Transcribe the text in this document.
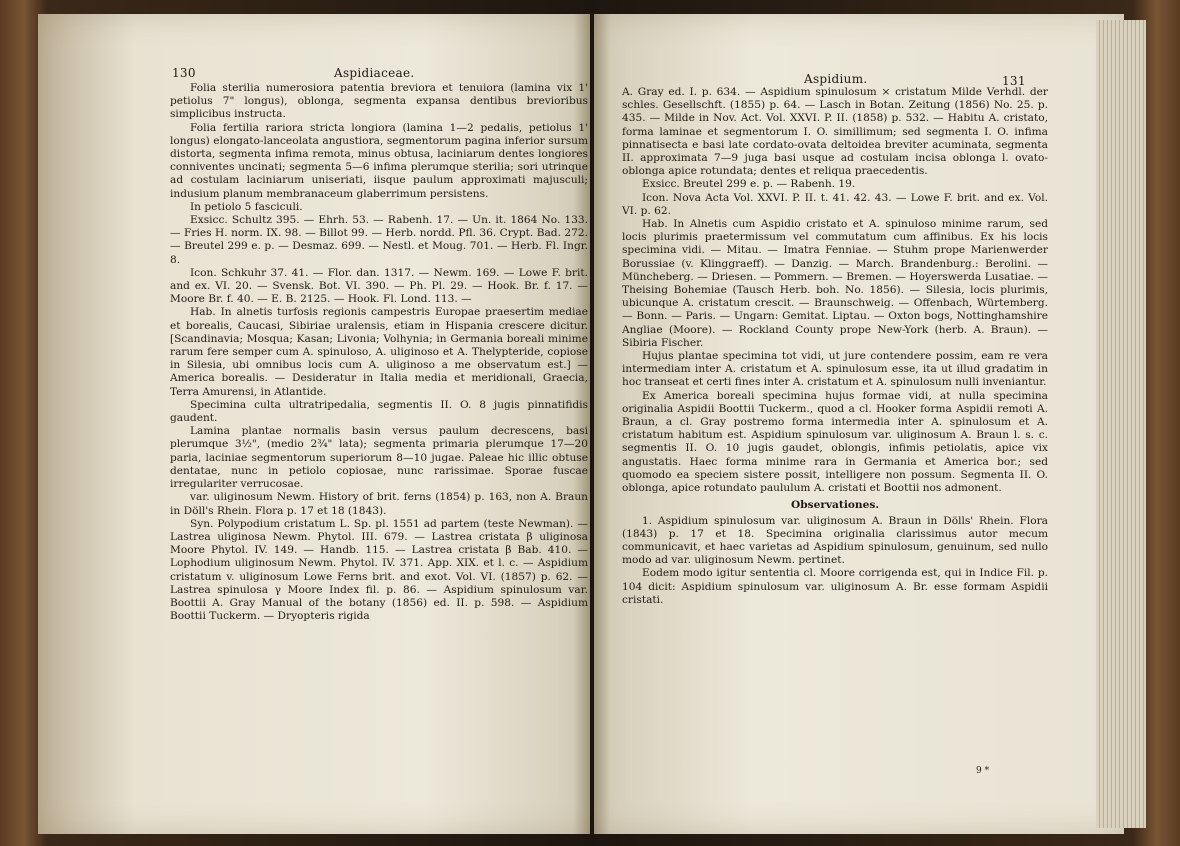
130	Aspidiaceae.

Folia sterilia numerosiora patentia breviora et tenuiora (lamina vix 1' petiolus 7" longus), oblonga, segmenta expansa dentibus brevioribus simplicibus instructa.

Folia fertilia rariora stricta longiora (lamina 1—2 pedalis, petiolus 1' longus) elongato-lanceolata angustiora, segmentorum pagina inferior sursum distorta, segmenta infima remota, minus obtusa, laciniarum dentes longiores conniventes uncinati; segmenta 5—6 infima plerumque sterilia; sori utrinque ad costulam laciniarum uniseriati, iisque paulum approximati majusculi; indusium planum membranaceum glaberrimum persistens.

In petiolo 5 fasciculi.

Exsicc. Schultz 395. — Ehrh. 53. — Rabenh. 17. — Un. it. 1864 No. 133. — Fries H. norm. IX. 98. — Billot 99. — Herb. nordd. Pfl. 36. Crypt. Bad. 272. — Breutel 299 e. p. — Desmaz. 699. — Nestl. et Moug. 701. — Herb. Fl. Ingr. 8.

Icon. Schkuhr 37. 41. — Flor. dan. 1317. — Newm. 169. — Lowe F. brit. and ex. VI. 20. — Svensk. Bot. VI. 390. — Ph. Pl. 29. — Hook. Br. f. 17. — Moore Br. f. 40. — E. B. 2125. — Hook. Fl. Lond. 113. —

Hab. In alnetis turfosis regionis campestris Europae praesertim mediae et borealis, Caucasi, Sibiriae uralensis, etiam in Hispania crescere dicitur. [Scandinavia; Mosqua; Kasan; Livonia; Volhynia; in Germania boreali minime rarum fere semper cum A. spinuloso, A. uliginoso et A. Thelypteride, copiose in Silesia, ubi omnibus locis cum A. uliginoso a me observatum est.] — America borealis. — Desideratur in Italia media et meridionali, Graecia, Terra Amurensi, in Atlantide.

Specimina culta ultratripedalia, segmentis II. O. 8 jugis pinnatifidis gaudent.

Lamina plantae normalis basin versus paulum decrescens, basi plerumque 3½", (medio 2¾" lata); segmenta primaria plerumque 17—20 paria, laciniae segmentorum superiorum 8—10 jugae. Paleae hic illic obtuse dentatae, nunc in petiolo copiosae, nunc rarissimae. Sporae fuscae irregulariter verrucosae.

var. uliginosum Newm. History of brit. ferns (1854) p. 163, non A. Braun in Döll's Rhein. Flora p. 17 et 18 (1843).

Syn. Polypodium cristatum L. Sp. pl. 1551 ad partem (teste Newman). — Lastrea uliginosa Newm. Phytol. III. 679. — Lastrea cristata β uliginosa Moore Phytol. IV. 149. — Handb. 115. — Lastrea cristata β Bab. 410. — Lophodium uliginosum Newm. Phytol. IV. 371. App. XIX. et l. c. — Aspidium cristatum v. uliginosum Lowe Ferns brit. and exot. Vol. VI. (1857) p. 62. — Lastrea spinulosa γ Moore Index fil. p. 86. — Aspidium spinulosum var. Boottii A. Gray Manual of the botany (1856) ed. II. p. 598. — Aspidium Boottii Tuckerm. — Dryopteris rigida

Aspidium.	131

A. Gray ed. I. p. 634. — Aspidium spinulosum × cristatum Milde Verhdl. der schles. Gesellschft. (1855) p. 64. — Lasch in Botan. Zeitung (1856) No. 25. p. 435. — Milde in Nov. Act. Vol. XXVI. P. II. (1858) p. 532. — Habitu A. cristato, forma laminae et segmentorum I. O. simillimum; sed segmenta I. O. infima pinnatisecta e basi late cordato-ovata deltoidea breviter acuminata, segmenta II. approximata 7—9 juga basi usque ad costulam incisa oblonga l. ovato-oblonga apice rotundata; dentes et reliqua praecedentis.

Exsicc. Breutel 299 e. p. — Rabenh. 19.

Icon. Nova Acta Vol. XXVI. P. II. t. 41. 42. 43. — Lowe F. brit. and ex. Vol. VI. p. 62.

Hab. In Alnetis cum Aspidio cristato et A. spinuloso minime rarum, sed locis plurimis praetermissum vel commutatum cum affinibus. Ex his locis specimina vidi. — Mitau. — Imatra Fenniae. — Stuhm prope Marienwerder Borussiae (v. Klinggraeff). — Danzig. — March. Brandenburg.: Berolini. — Müncheberg. — Driesen. — Pommern. — Bremen. — Hoyerswerda Lusatiae. — Theising Bohemiae (Tausch Herb. boh. No. 1856). — Silesia, locis plurimis, ubicunque A. cristatum crescit. — Braunschweig. — Offenbach, Würtemberg. — Bonn. — Paris. — Ungarn: Gemitat. Liptau. — Oxton bogs, Nottinghamshire Angliae (Moore). — Rockland County prope New-York (herb. A. Braun). — Sibiria Fischer.

Hujus plantae specimina tot vidi, ut jure contendere possim, eam re vera intermediam inter A. cristatum et A. spinulosum esse, ita ut illud gradatim in hoc transeat et certi fines inter A. cristatum et A. spinulosum nulli inveniantur.

Ex America boreali specimina hujus formae vidi, at nulla specimina originalia Aspidii Boottii Tuckerm., quod a cl. Hooker forma Aspidii remoti A. Braun, a cl. Gray postremo forma intermedia inter A. spinulosum et A. cristatum habitum est. Aspidium spinulosum var. uliginosum A. Braun l. s. c. segmentis II. O. 10 jugis gaudet, oblongis, infimis petiolatis, apice vix angustatis. Haec forma minime rara in Germania et America bor.; sed quomodo ea speciem sistere possit, intelligere non possum. Segmenta II. O. oblonga, apice rotundato paululum A. cristati et Boottii nos admonent.

Observationes.

1. Aspidium spinulosum var. uliginosum A. Braun in Dölls' Rhein. Flora (1843) p. 17 et 18. Specimina originalia clarissimus autor mecum communicavit, et haec varietas ad Aspidium spinulosum, genuinum, sed nullo modo ad var. uliginosum Newm. pertinet.

Eodem modo igitur sententia cl. Moore corrigenda est, qui in Indice Fil. p. 104 dicit: Aspidium spinulosum var. uliginosum A. Br. esse formam Aspidii cristati.

9 *
